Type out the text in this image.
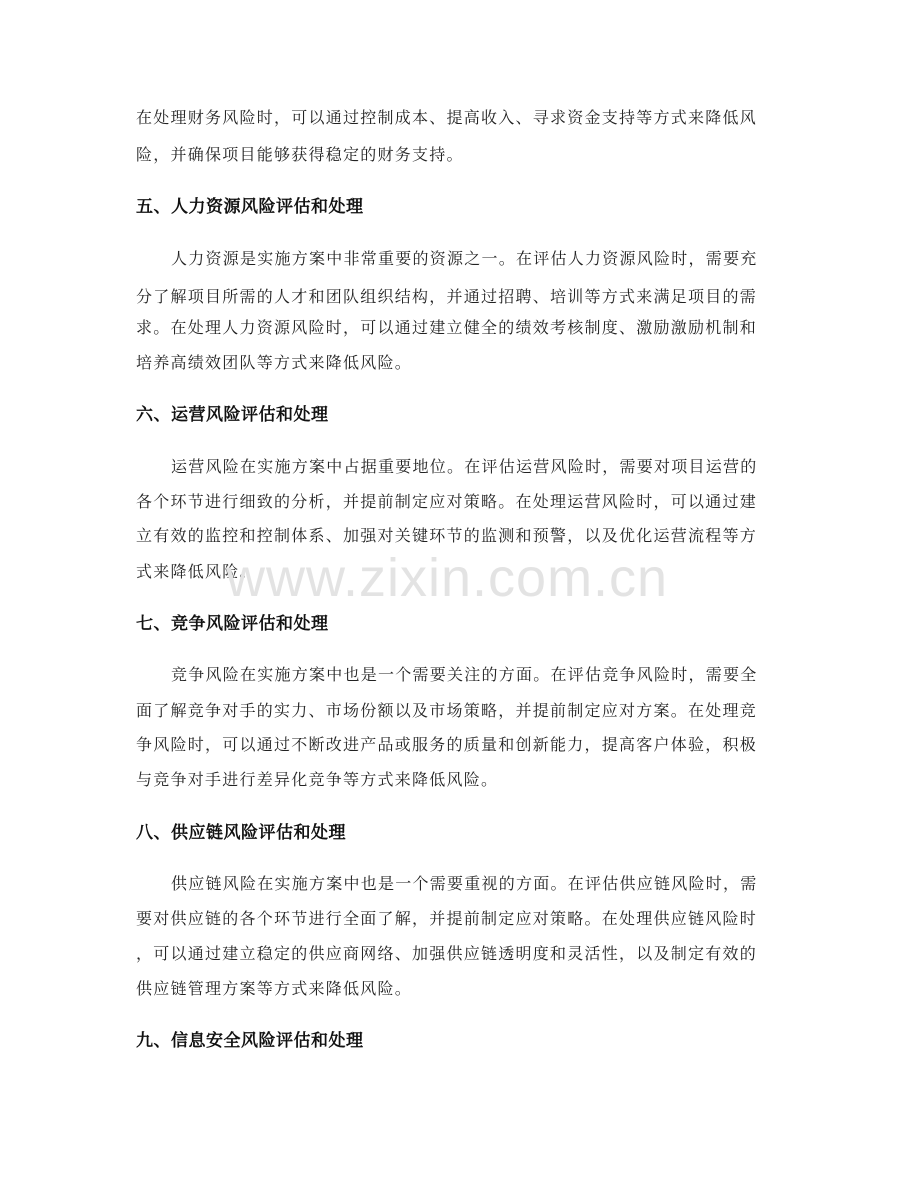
在处理财务风险时，可以通过控制成本、提高收入、寻求资金支持等方式来降低风
险，并确保项目能够获得稳定的财务支持。
五、人力资源风险评估和处理
人力资源是实施方案中非常重要的资源之一。在评估人力资源风险时，需要充
分了解项目所需的人才和团队组织结构，并通过招聘、培训等方式来满足项目的需
求。在处理人力资源风险时，可以通过建立健全的绩效考核制度、激励激励机制和
培养高绩效团队等方式来降低风险。
六、运营风险评估和处理
运营风险在实施方案中占据重要地位。在评估运营风险时，需要对项目运营的
各个环节进行细致的分析，并提前制定应对策略。在处理运营风险时，可以通过建
立有效的监控和控制体系、加强对关键环节的监测和预警，以及优化运营流程等方
式来降低风险。
七、竞争风险评估和处理
竞争风险在实施方案中也是一个需要关注的方面。在评估竞争风险时，需要全
面了解竞争对手的实力、市场份额以及市场策略，并提前制定应对方案。在处理竞
争风险时，可以通过不断改进产品或服务的质量和创新能力，提高客户体验，积极
与竞争对手进行差异化竞争等方式来降低风险。
八、供应链风险评估和处理
供应链风险在实施方案中也是一个需要重视的方面。在评估供应链风险时，需
要对供应链的各个环节进行全面了解，并提前制定应对策略。在处理供应链风险时
，可以通过建立稳定的供应商网络、加强供应链透明度和灵活性，以及制定有效的
供应链管理方案等方式来降低风险。
九、信息安全风险评估和处理
www.zixin.com.cn
